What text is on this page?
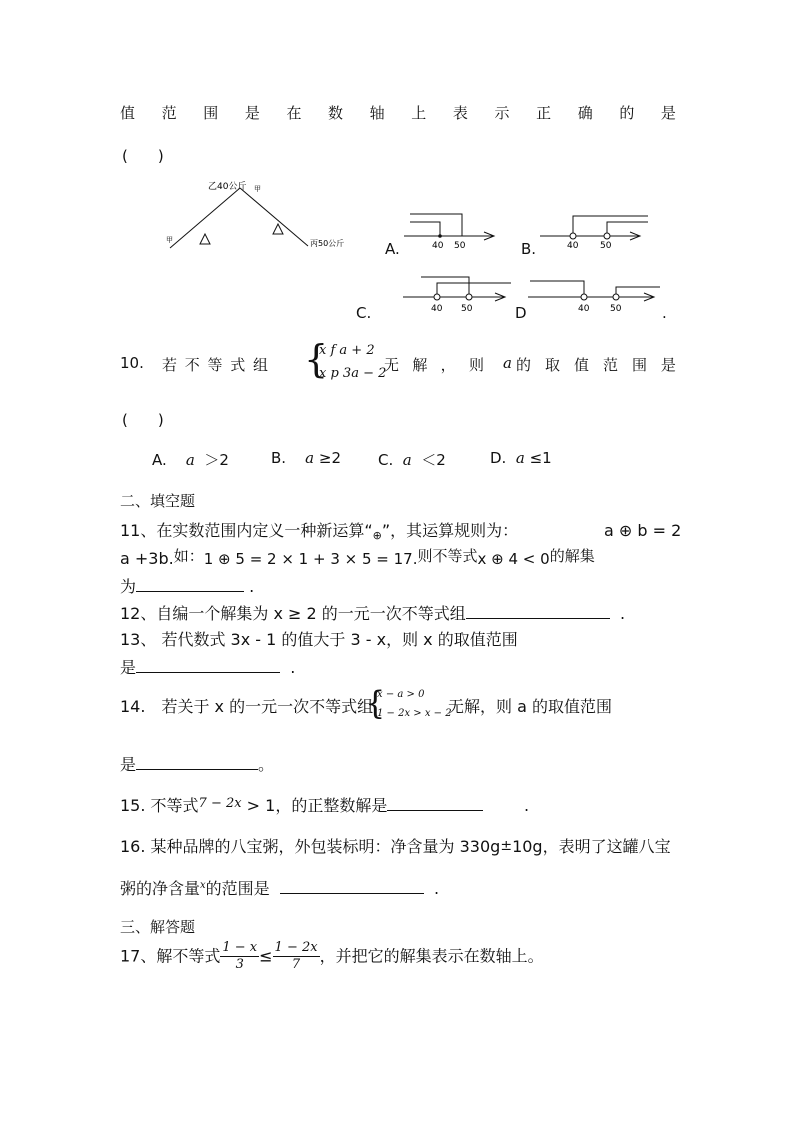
值 范 围 是 在 数 轴 上 表 示 正 确 的 是
(　　)
乙40公斤 甲
甲	丙50公斤	A.	40 50	B.	40 50
C.	40 50	D	40 50	.
10. 若 不 等 式 组 {
x f a + 2
x p 3a − 2
无 解 ， 则 a 的 取 值 范 围 是
(　　)
A. a ＞2	B. a ≥2 C. a ＜2	D. a ≤1
二、填空题
11、在实数范围内定义一种新运算“⊕”，其运算规则为：	a ⊕ b = 2
a +3b.如：1 ⊕ 5 = 2 × 1 + 3 × 5 = 17.则不等式x ⊕ 4 < 0的解集
为	.
12、自编一个解集为 x ≥ 2 的一元一次不等式组	.
13、 若代数式 3x - 1 的值大于 3 - x，则 x 的取值范围
是	.
14.　若关于 x 的一元一次不等式组
{
x − a > 0
1 − 2x > x − 2
无解，则 a 的取值范围
是	。
15. 不等式$^{7 - 2x}$ > 1，的正整数解是	.
16. 某种品牌的八宝粥，外包装标明：净含量为 330g±10g，表明了这罐八宝
粥的净含量$^x$的范围是	.
三、解答题
17、解不等式 $\frac{1 - x}{3} \le \frac{1 - 2x}{7}$ ，并把它的解集表示在数轴上。
